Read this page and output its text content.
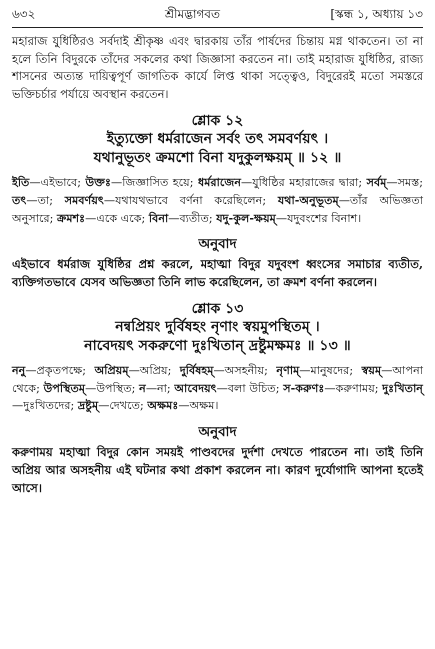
৬৩২	শ্রীমদ্ভাগবত	[স্কন্ধ ১, অধ্যায় ১৩

মহারাজ যুধিষ্ঠিরও সর্বদাই শ্রীকৃষ্ণ এবং দ্বারকায় তাঁর পার্ষদের চিন্তায় মগ্ন থাকতেন। তা না হলে তিনি বিদুরকে তাঁদের সকলের কথা জিজ্ঞাসা করতেন না। তাই মহারাজ যুধিষ্ঠির, রাজ্য শাসনের অত্যন্ত দায়িত্বপূর্ণ জাগতিক কার্যে লিপ্ত থাকা সত্ত্বেও, বিদুরেরই মতো সমস্তরে ভক্তিচর্চার পর্যায়ে অবস্থান করতেন।

শ্লোক ১২

ইত্যুক্তো ধর্মরাজেন সর্বং তৎ সমবর্ণয়ৎ ।

যথানুভূতং ক্রমশো বিনা যদুকুলক্ষয়ম্ ॥ ১২ ॥

ইতি—এইভাবে; উক্তঃ—জিজ্ঞাসিত হয়ে; ধর্মরাজেন—যুধিষ্ঠির মহারাজের দ্বারা; সর্বম্—সমস্ত; তৎ—তা; সমবর্ণয়ৎ—যথাযথভাবে বর্ণনা করেছিলেন; যথা-অনুভূতম্—তাঁর অভিজ্ঞতা অনুসারে; ক্রমশঃ—একে একে; বিনা—ব্যতীত; যদু-কুল-ক্ষয়ম্—যদুবংশের বিনাশ।

অনুবাদ

এইভাবে ধর্মরাজ যুধিষ্ঠির প্রশ্ন করলে, মহাত্মা বিদুর যদুবংশ ধ্বংসের সমাচার ব্যতীত, ব্যক্তিগতভাবে যেসব অভিজ্ঞতা তিনি লাভ করেছিলেন, তা ক্রমশ বর্ণনা করলেন।

শ্লোক ১৩

নন্বপ্রিয়ং দুর্বিষহং নৃণাং স্বয়মুপস্থিতম্ ।

নাবেদয়ৎ সকরুণো দুঃখিতান্ দ্রষ্টুমক্ষমঃ ॥ ১৩ ॥

ননু—প্রকৃতপক্ষে; অপ্রিয়ম্—অপ্রিয়; দুর্বিষহম্—অসহনীয়; নৃণাম্—মানুষদের; স্বয়ম্—আপনা থেকে; উপস্থিতম্—উপস্থিত; ন—না; আবেদয়ৎ—বলা উচিত; স-করুণঃ—করুণাময়; দুঃখিতান্—দুঃখিতদের; দ্রষ্টুম্—দেখতে; অক্ষমঃ—অক্ষম।

অনুবাদ

করুণাময় মহাত্মা বিদুর কোন সময়ই পাণ্ডবদের দুর্দশা দেখতে পারতেন না। তাই তিনি অপ্রিয় আর অসহনীয় এই ঘটনার কথা প্রকাশ করলেন না। কারণ দুর্যোগাদি আপনা হতেই আসে।
